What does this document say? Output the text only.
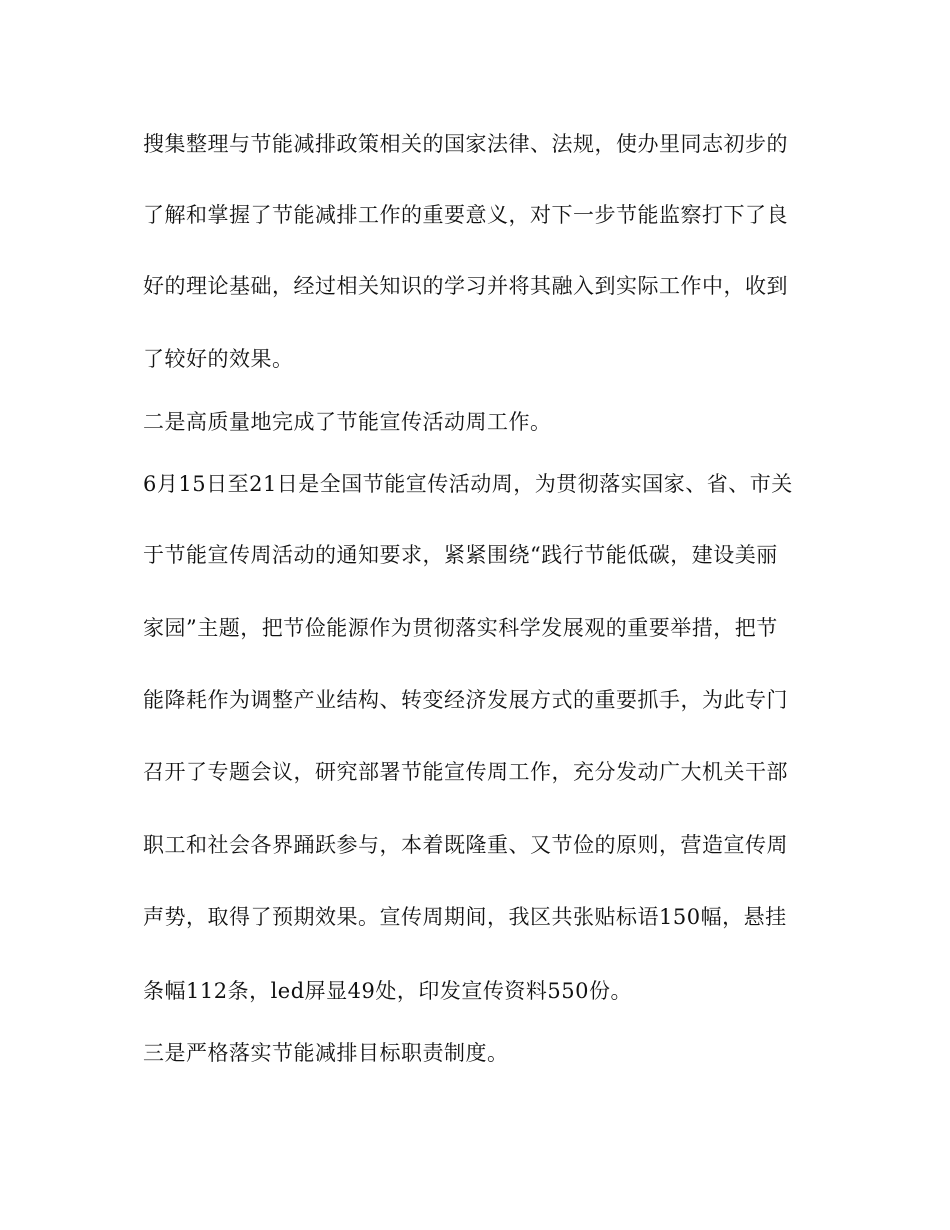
搜集整理与节能减排政策相关的国家法律、法规，使办里同志初步的
了解和掌握了节能减排工作的重要意义，对下一步节能监察打下了良
好的理论基础，经过相关知识的学习并将其融入到实际工作中，收到
了较好的效果。
二是高质量地完成了节能宣传活动周工作。
6月15日至21日是全国节能宣传活动周，为贯彻落实国家、省、市关
于节能宣传周活动的通知要求，紧紧围绕“践行节能低碳，建设美丽
家园”主题，把节俭能源作为贯彻落实科学发展观的重要举措，把节
能降耗作为调整产业结构、转变经济发展方式的重要抓手，为此专门
召开了专题会议，研究部署节能宣传周工作，充分发动广大机关干部
职工和社会各界踊跃参与，本着既隆重、又节俭的原则，营造宣传周
声势，取得了预期效果。宣传周期间，我区共张贴标语150幅，悬挂
条幅112条，led屏显49处，印发宣传资料550份。
三是严格落实节能减排目标职责制度。
